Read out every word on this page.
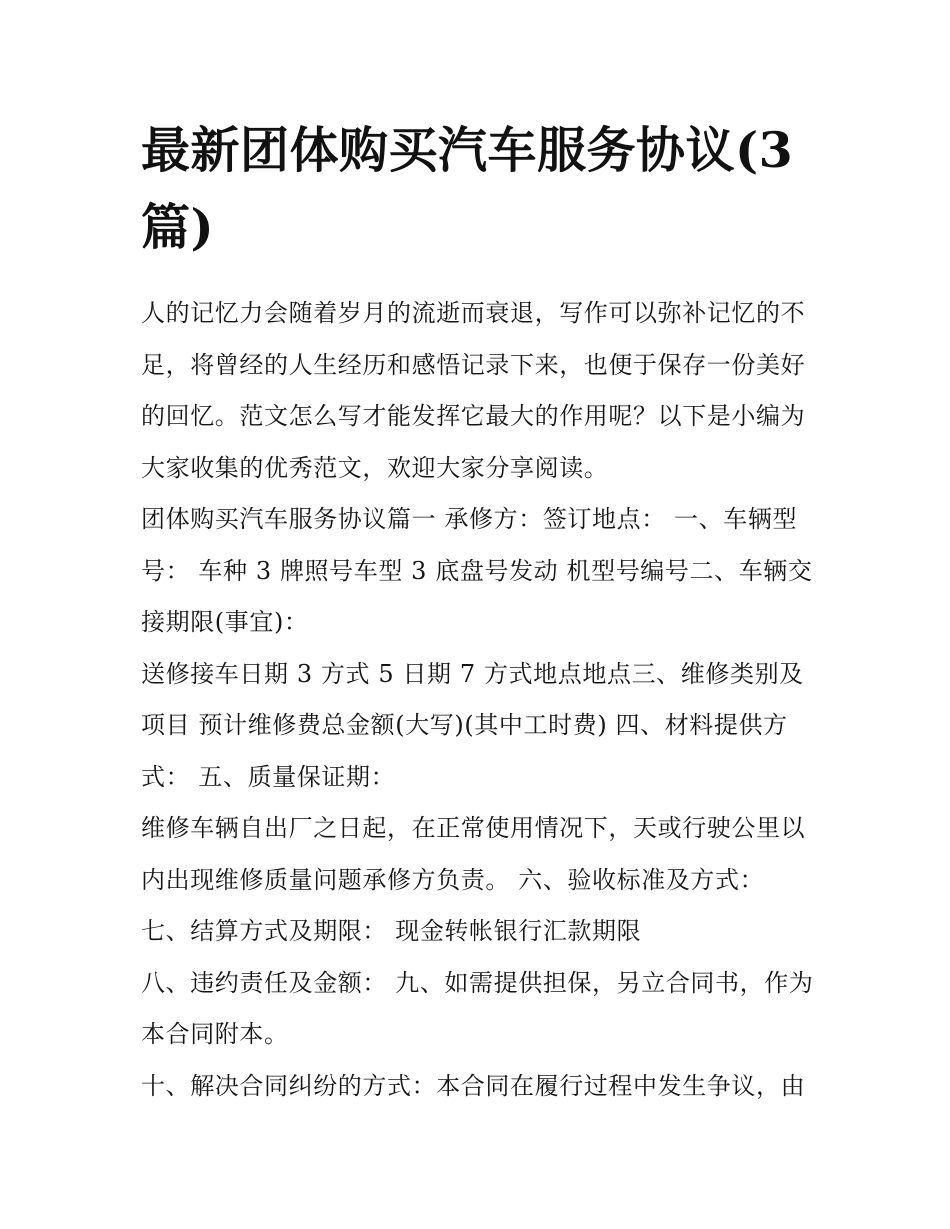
最新团体购买汽车服务协议(3篇)

人的记忆力会随着岁月的流逝而衰退，写作可以弥补记忆的不足，将曾经的人生经历和感悟记录下来，也便于保存一份美好的回忆。范文怎么写才能发挥它最大的作用呢？以下是小编为大家收集的优秀范文，欢迎大家分享阅读。

团体购买汽车服务协议篇一 承修方：签订地点： 一、车辆型号： 车种 3 牌照号车型 3 底盘号发动 机型号编号二、车辆交接期限(事宜)：

送修接车日期 3 方式 5 日期 7 方式地点地点三、维修类别及项目 预计维修费总金额(大写)(其中工时费) 四、材料提供方式： 五、质量保证期：

维修车辆自出厂之日起，在正常使用情况下，天或行驶公里以内出现维修质量问题承修方负责。 六、验收标准及方式：

七、结算方式及期限： 现金转帐银行汇款期限

八、违约责任及金额： 九、如需提供担保，另立合同书，作为本合同附本。

十、解决合同纠纷的方式：本合同在履行过程中发生争议，由
